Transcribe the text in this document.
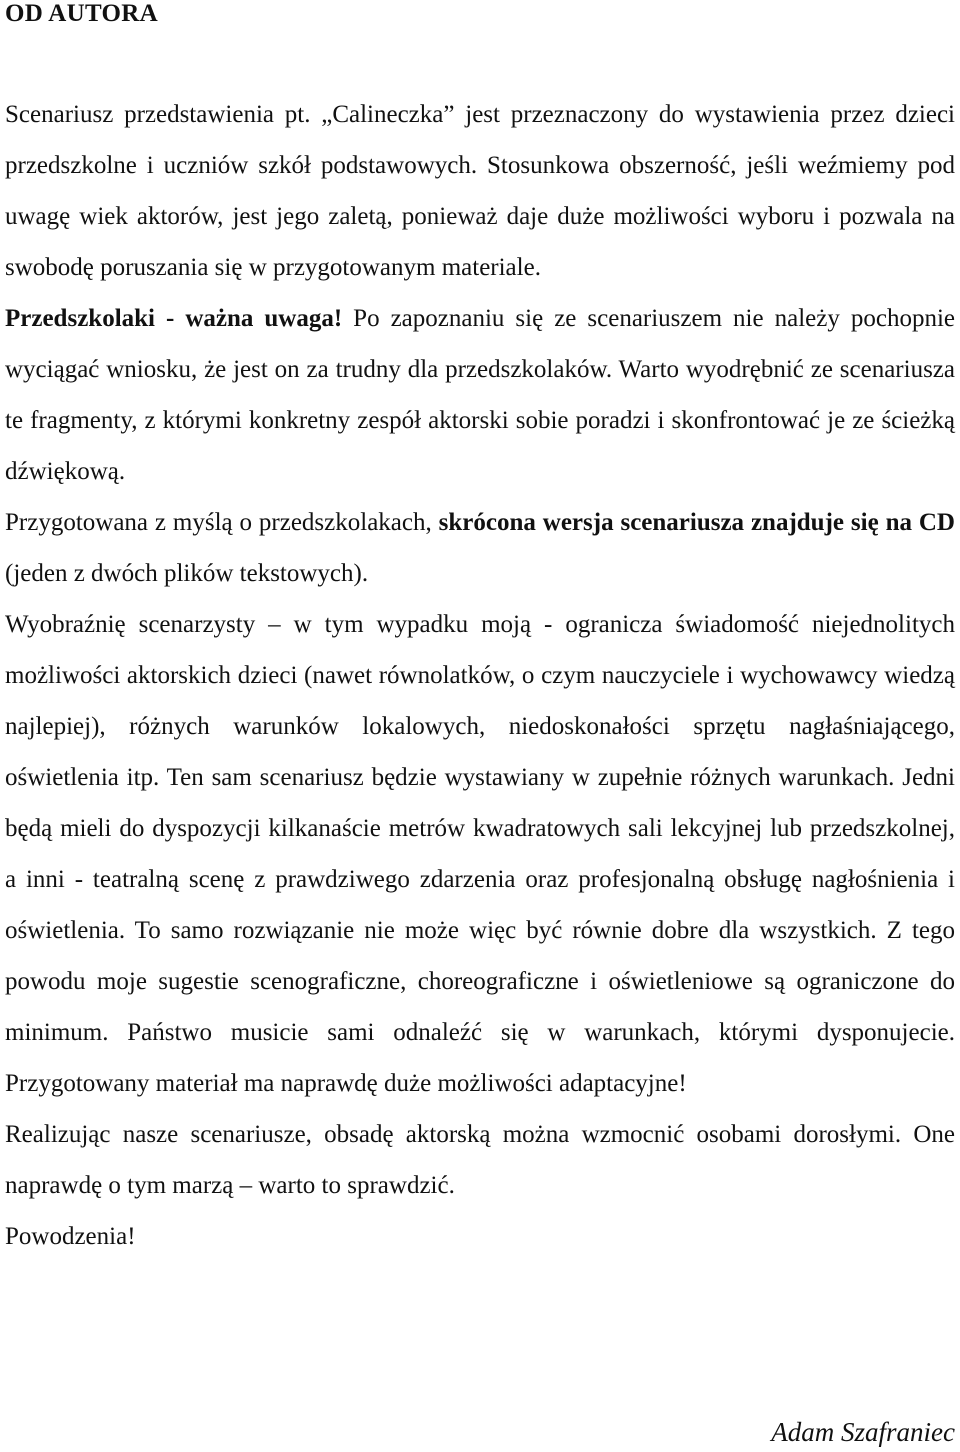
OD AUTORA

Scenariusz przedstawienia pt. „Calineczka” jest przeznaczony do wystawienia przez dzieci przedszkolne i uczniów szkół podstawowych. Stosunkowa obszerność, jeśli weźmiemy pod uwagę wiek aktorów, jest jego zaletą, ponieważ daje duże możliwości wyboru i pozwala na swobodę poruszania się w przygotowanym materiale.

Przedszkolaki - ważna uwaga! Po zapoznaniu się ze scenariuszem nie należy pochopnie wyciągać wniosku, że jest on za trudny dla przedszkolaków. Warto wyodrębnić ze scenariusza te fragmenty, z którymi konkretny zespół aktorski sobie poradzi i skonfrontować je ze ścieżką dźwiękową.

Przygotowana z myślą o przedszkolakach, skrócona wersja scenariusza znajduje się na CD (jeden z dwóch plików tekstowych).

Wyobraźnię scenarzysty – w tym wypadku moją - ogranicza świadomość niejednolitych możliwości aktorskich dzieci (nawet równolatków, o czym nauczyciele i wychowawcy wiedzą najlepiej), różnych warunków lokalowych, niedoskonałości sprzętu nagłaśniającego, oświetlenia itp. Ten sam scenariusz będzie wystawiany w zupełnie różnych warunkach. Jedni będą mieli do dyspozycji kilkanaście metrów kwadratowych sali lekcyjnej lub przedszkolnej, a inni - teatralną scenę z prawdziwego zdarzenia oraz profesjonalną obsługę nagłośnienia i oświetlenia. To samo rozwiązanie nie może więc być równie dobre dla wszystkich. Z tego powodu moje sugestie scenograficzne, choreograficzne i oświetleniowe są ograniczone do minimum. Państwo musicie sami odnaleźć się w warunkach, którymi dysponujecie. Przygotowany materiał ma naprawdę duże możliwości adaptacyjne!

Realizując nasze scenariusze, obsadę aktorską można wzmocnić osobami dorosłymi. One naprawdę o tym marzą – warto to sprawdzić.

Powodzenia!

Adam Szafraniec
